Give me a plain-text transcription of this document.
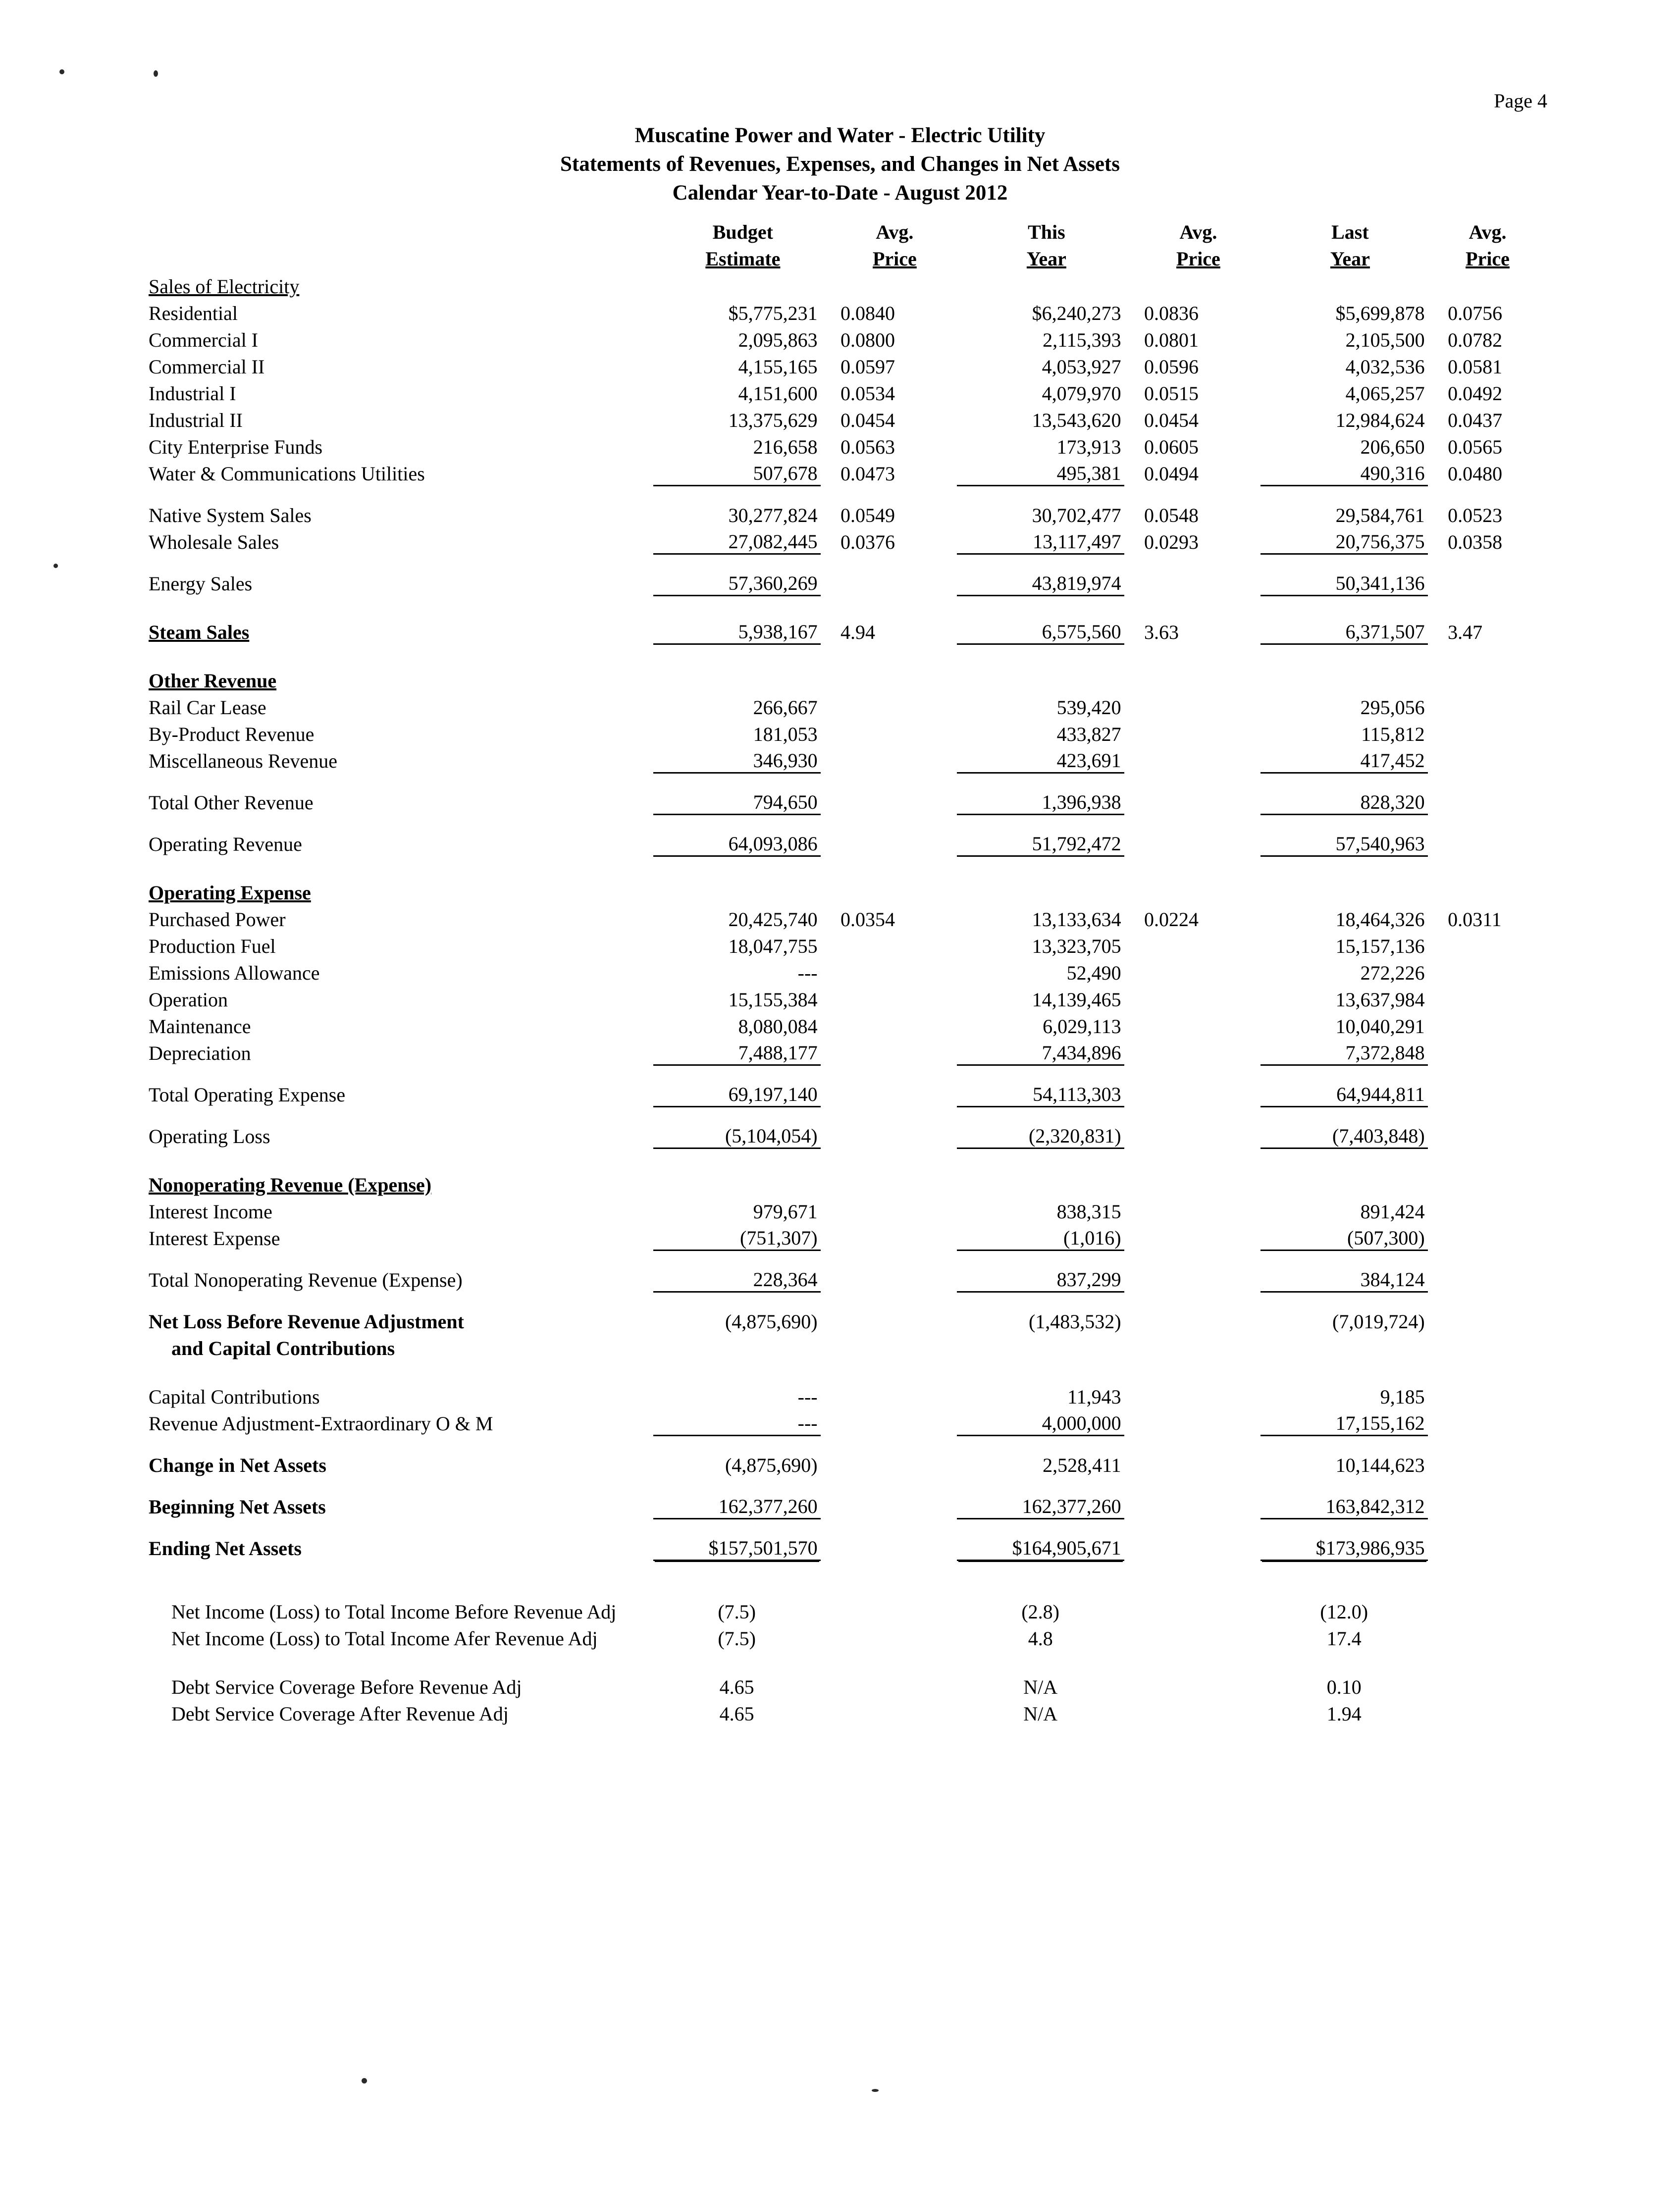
Page 4
Muscatine Power and Water - Electric Utility
Statements of Revenues, Expenses, and Changes in Net Assets
Calendar Year-to-Date - August 2012
	Budget		Avg.		This		Avg.		Last		Avg.
	Estimate		Price		Year		Price		Year		Price
Sales of Electricity											
Residential	$5,775,231		0.0840		$6,240,273		0.0836		$5,699,878		0.0756
Commercial I	2,095,863		0.0800		2,115,393		0.0801		2,105,500		0.0782
Commercial II	4,155,165		0.0597		4,053,927		0.0596		4,032,536		0.0581
Industrial I	4,151,600		0.0534		4,079,970		0.0515		4,065,257		0.0492
Industrial II	13,375,629		0.0454		13,543,620		0.0454		12,984,624		0.0437
City Enterprise Funds	216,658		0.0563		173,913		0.0605		206,650		0.0565
Water & Communications Utilities	507,678		0.0473		495,381		0.0494		490,316		0.0480

Native System Sales	30,277,824		0.0549		30,702,477		0.0548		29,584,761		0.0523
Wholesale Sales	27,082,445		0.0376		13,117,497		0.0293		20,756,375		0.0358

Energy Sales	57,360,269				43,819,974				50,341,136		

Steam Sales	5,938,167		4.94		6,575,560		3.63		6,371,507		3.47

Other Revenue											
Rail Car Lease	266,667				539,420				295,056		
By-Product Revenue	181,053				433,827				115,812		
Miscellaneous Revenue	346,930				423,691				417,452		

Total Other Revenue	794,650				1,396,938				828,320		

Operating Revenue	64,093,086				51,792,472				57,540,963		

Operating Expense											
Purchased Power	20,425,740		0.0354		13,133,634		0.0224		18,464,326		0.0311
Production Fuel	18,047,755				13,323,705				15,157,136		
Emissions Allowance	---				52,490				272,226		
Operation	15,155,384				14,139,465				13,637,984		
Maintenance	8,080,084				6,029,113				10,040,291		
Depreciation	7,488,177				7,434,896				7,372,848		

Total Operating Expense	69,197,140				54,113,303				64,944,811		

Operating Loss	(5,104,054)				(2,320,831)				(7,403,848)		

Nonoperating Revenue (Expense)											
Interest Income	979,671				838,315				891,424		
Interest Expense	(751,307)				(1,016)				(507,300)		

Total Nonoperating Revenue (Expense)	228,364				837,299				384,124		

Net Loss Before Revenue Adjustment	(4,875,690)				(1,483,532)				(7,019,724)		
and Capital Contributions											

Capital Contributions	---				11,943				9,185		
Revenue Adjustment-Extraordinary O & M	---				4,000,000				17,155,162		

Change in Net Assets	(4,875,690)				2,528,411				10,144,623		

Beginning Net Assets	162,377,260				162,377,260				163,842,312		

Ending Net Assets	$157,501,570				$164,905,671				$173,986,935		

Net Income (Loss) to Total Income Before Revenue Adj	(7.5)				(2.8)				(12.0)		
Net Income (Loss) to Total Income Afer Revenue Adj	(7.5)				4.8				17.4		

Debt Service Coverage Before Revenue Adj	4.65				N/A				0.10		
Debt Service Coverage After Revenue Adj	4.65				N/A				1.94		
